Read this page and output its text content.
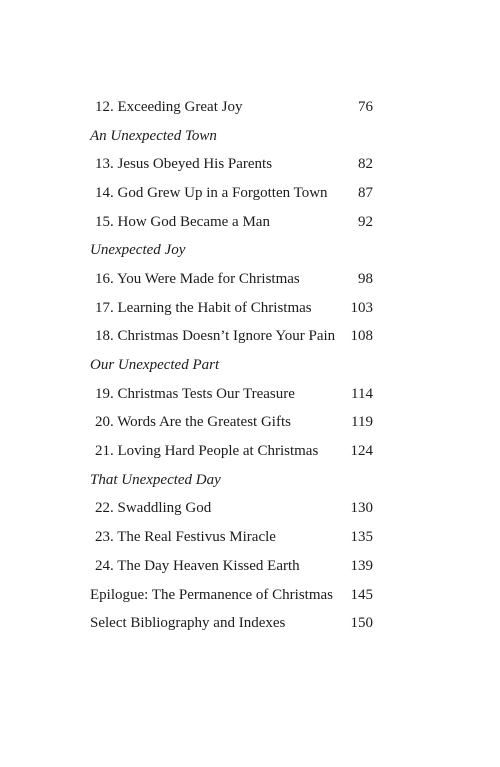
12. Exceeding Great Joy	76
An Unexpected Town
13. Jesus Obeyed His Parents	82
14. God Grew Up in a Forgotten Town 87
15. How God Became a Man	92
Unexpected Joy
16. You Were Made for Christmas	98
17. Learning the Habit of Christmas	103
18. Christmas Doesn’t Ignore Your Pain 108
Our Unexpected Part
19. Christmas Tests Our Treasure	114
20. Words Are the Greatest Gifts	119
21. Loving Hard People at Christmas 124
That Unexpected Day
22. Swaddling God	130
23. The Real Festivus Miracle	135
24. The Day Heaven Kissed Earth	139
Epilogue: The Permanence of Christmas 145
Select Bibliography and Indexes	150
